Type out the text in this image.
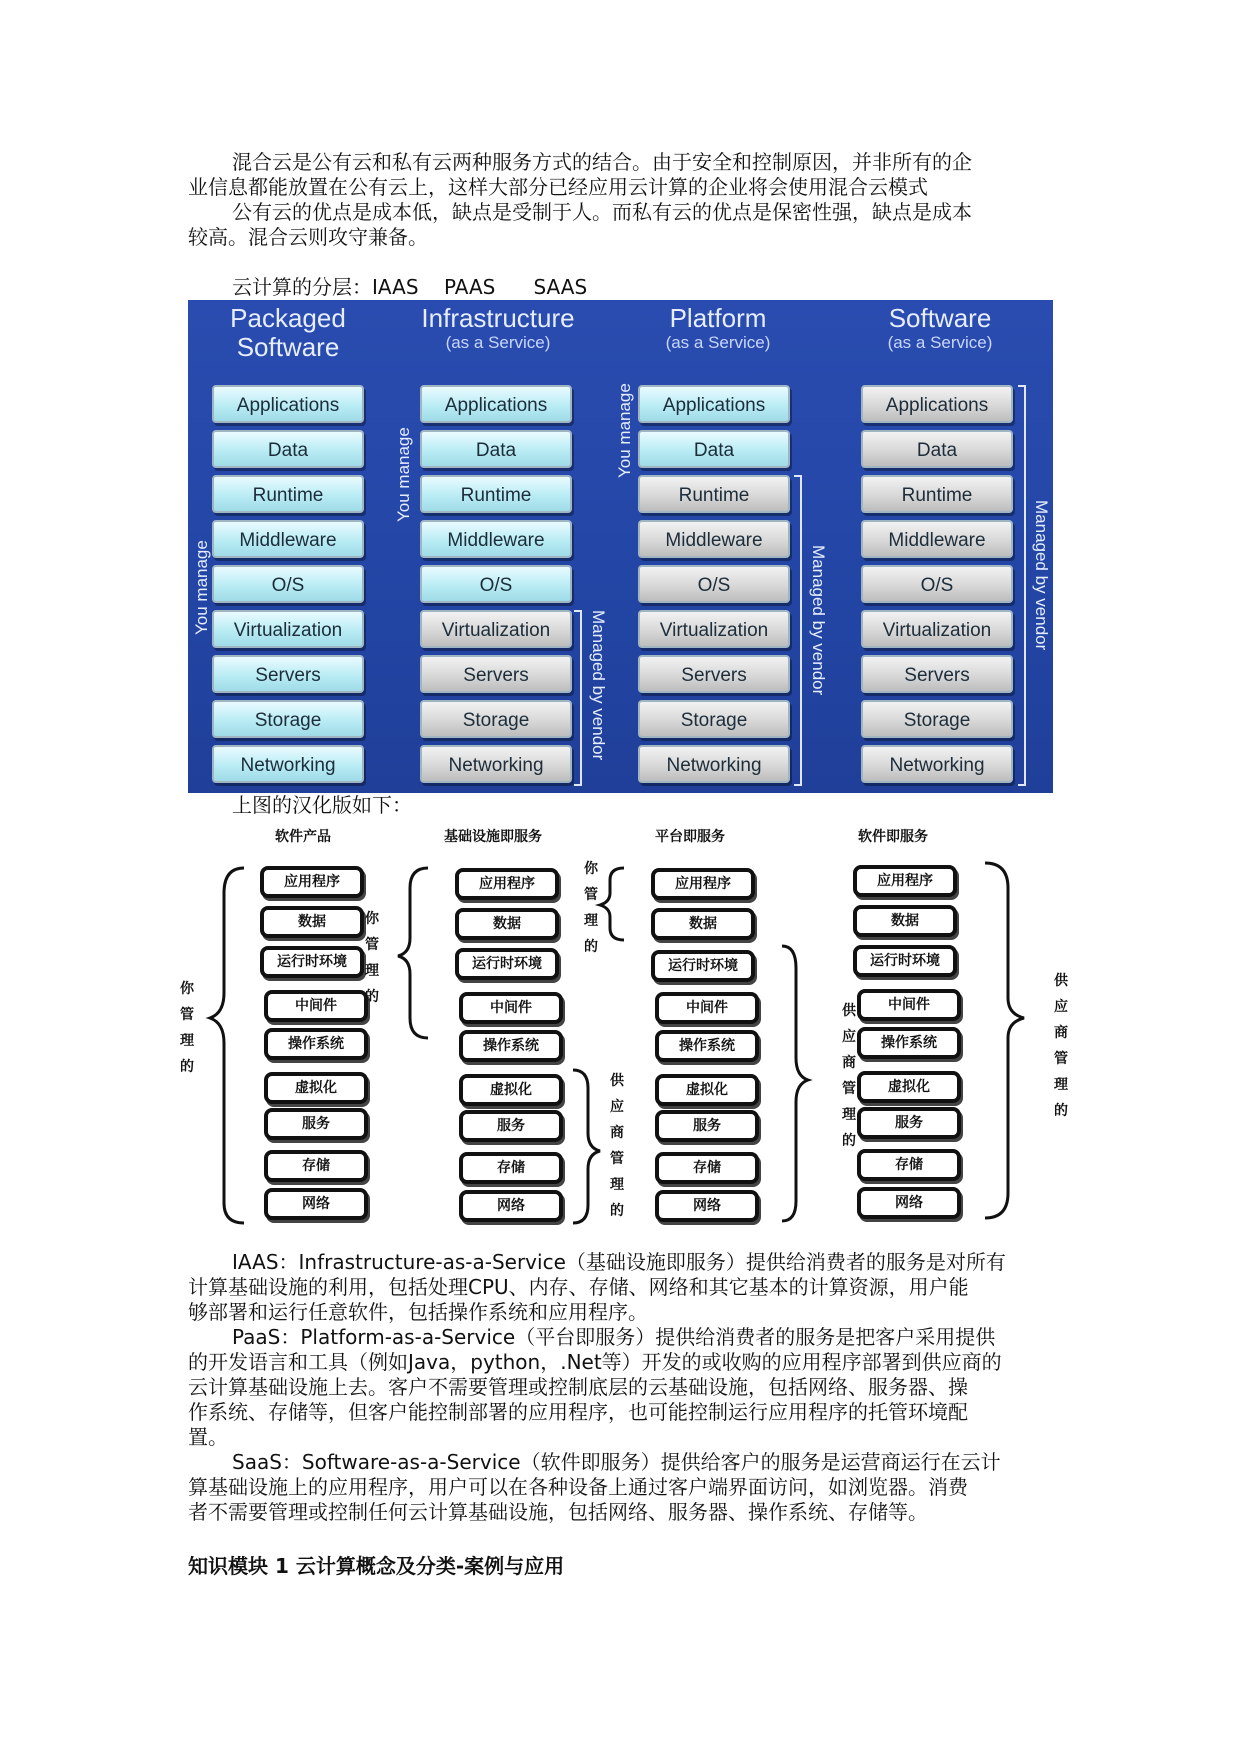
混合云是公有云和私有云两种服务方式的结合。由于安全和控制原因，并非所有的企
业信息都能放置在公有云上，这样大部分已经应用云计算的企业将会使用混合云模式
公有云的优点是成本低，缺点是受制于人。而私有云的优点是保密性强，缺点是成本
较高。混合云则攻守兼备。
云计算的分层：IAAS    PAAS      SAAS
Packaged
Software
Infrastructure
(as a Service)
Platform
(as a Service)
Software
(as a Service)
Applications
Data
Runtime
Middleware
O/S
Virtualization
Servers
Storage
Networking
Applications
Data
Runtime
Middleware
O/S
Virtualization
Servers
Storage
Networking
Applications
Data
Runtime
Middleware
O/S
Virtualization
Servers
Storage
Networking
Applications
Data
Runtime
Middleware
O/S
Virtualization
Servers
Storage
Networking
You manage
You manage	You manage
Managed by vendor	Managed by vendor	Managed by vendor
上图的汉化版如下：
软件产品	基础设施即服务	平台即服务	软件即服务
应用程序
数据
运行时环境
中间件
操作系统
虚拟化
服务
存储
网络
应用程序
数据
运行时环境
中间件
操作系统
虚拟化
服务
存储
网络
应用程序
数据
运行时环境
中间件
操作系统
虚拟化
服务
存储
网络
应用程序
数据
运行时环境
中间件
操作系统
虚拟化
服务
存储
网络
你管理的
你管理的
你管理的
供应商管理的
供应商管理的
供应商管理的
IAAS：Infrastructure-as-a-Service（基础设施即服务）提供给消费者的服务是对所有
计算基础设施的利用，包括处理CPU、内存、存储、网络和其它基本的计算资源，用户能
够部署和运行任意软件，包括操作系统和应用程序。
PaaS：Platform-as-a-Service（平台即服务）提供给消费者的服务是把客户采用提供
的开发语言和工具（例如Java，python，.Net等）开发的或收购的应用程序部署到供应商的
云计算基础设施上去。客户不需要管理或控制底层的云基础设施，包括网络、服务器、操
作系统、存储等，但客户能控制部署的应用程序，也可能控制运行应用程序的托管环境配
置。
SaaS：Software-as-a-Service（软件即服务）提供给客户的服务是运营商运行在云计
算基础设施上的应用程序，用户可以在各种设备上通过客户端界面访问，如浏览器。消费
者不需要管理或控制任何云计算基础设施，包括网络、服务器、操作系统、存储等。

知识模块 1 云计算概念及分类-案例与应用
